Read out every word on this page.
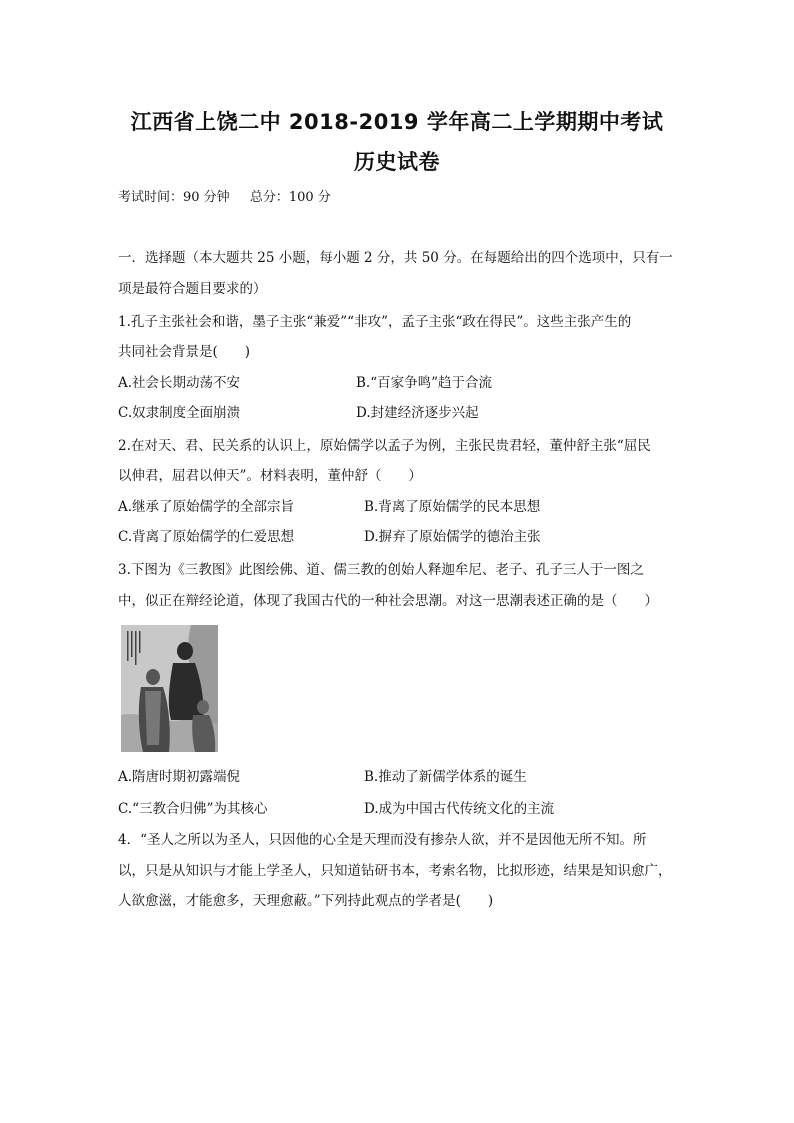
江西省上饶二中 2018-2019 学年高二上学期期中考试
历史试卷
考试时间：90 分钟 总分：100 分
一．选择题（本大题共 25 小题，每小题 2 分，共 50 分。在每题给出的四个选项中，只有一
项是最符合题目要求的）
1.孔子主张社会和谐，墨子主张“兼爱”“非攻”，孟子主张“政在得民”。这些主张产生的
共同社会背景是(　　)
A.社会长期动荡不安	B.“百家争鸣”趋于合流
C.奴隶制度全面崩溃	D.封建经济逐步兴起
2.在对天、君、民关系的认识上，原始儒学以孟子为例，主张民贵君轻，董仲舒主张“屈民
以伸君，屈君以伸天”。材料表明，董仲舒（　　）
A.继承了原始儒学的全部宗旨	B.背离了原始儒学的民本思想
C.背离了原始儒学的仁爱思想	D.摒弃了原始儒学的德治主张
3.下图为《三教图》此图绘佛、道、儒三教的创始人释迦牟尼、老子、孔子三人于一图之
中，似正在辩经论道，体现了我国古代的一种社会思潮。对这一思潮表述正确的是（　　）
A.隋唐时期初露端倪	B.推动了新儒学体系的诞生
C.“三教合归佛”为其核心	D.成为中国古代传统文化的主流
4．“圣人之所以为圣人，只因他的心全是天理而没有掺杂人欲，并不是因他无所不知。所
以，只是从知识与才能上学圣人，只知道钻研书本，考索名物，比拟形迹，结果是知识愈广，
人欲愈滋，才能愈多，天理愈蔽。”下列持此观点的学者是(　　)
